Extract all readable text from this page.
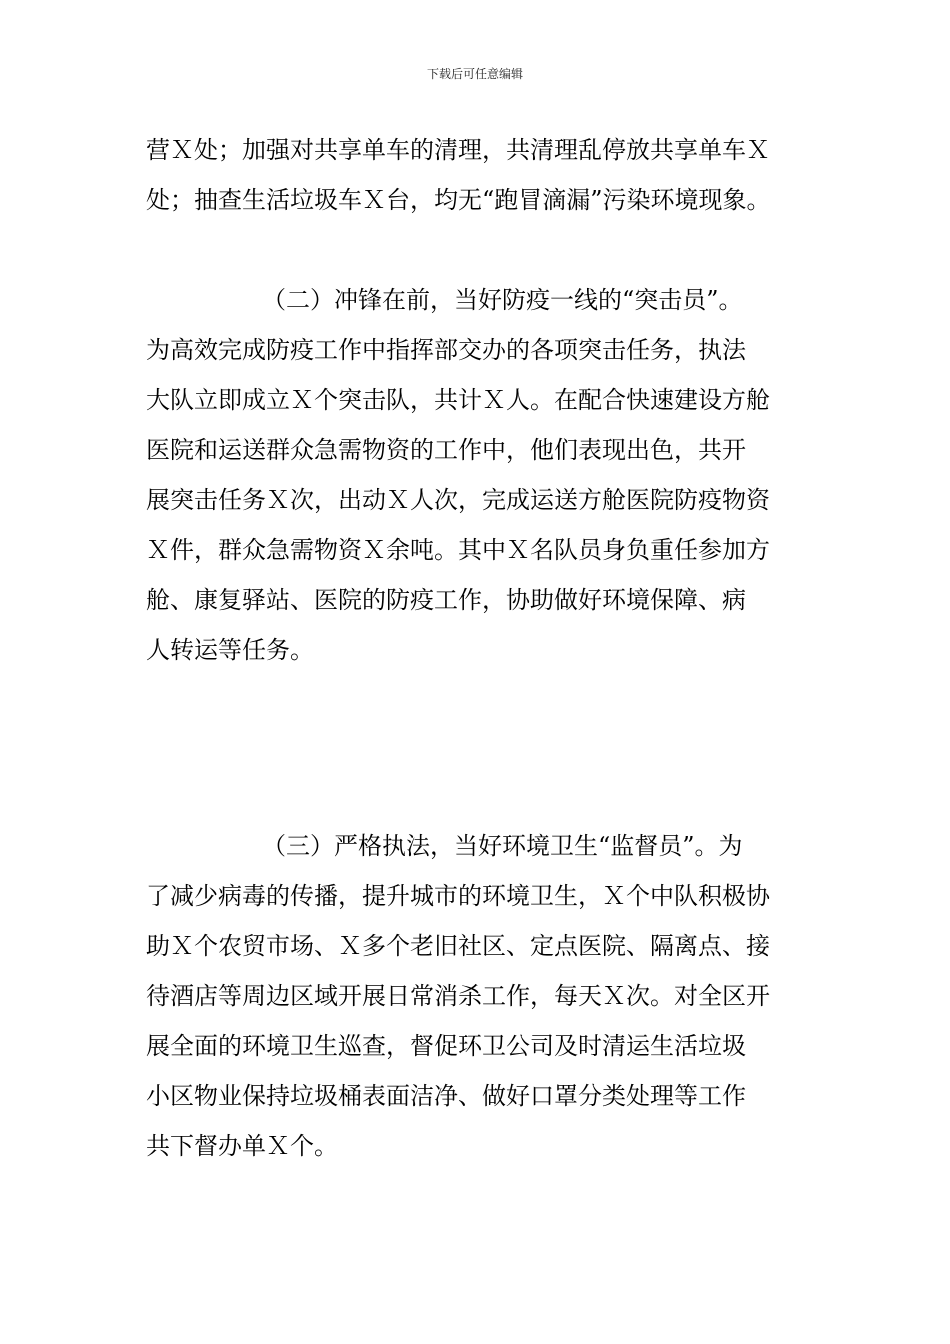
下载后可任意编辑
营Ｘ处；加强对共享单车的清理，共清理乱停放共享单车Ｘ
处；抽查生活垃圾车Ｘ台，均无“跑冒滴漏”污染环境现象。
（二）冲锋在前，当好防疫一线的“突击员”。
为高效完成防疫工作中指挥部交办的各项突击任务，执法
大队立即成立Ｘ个突击队，共计Ｘ人。在配合快速建设方舱
医院和运送群众急需物资的工作中，他们表现出色，共开
展突击任务Ｘ次，出动Ｘ人次，完成运送方舱医院防疫物资
Ｘ件，群众急需物资Ｘ余吨。其中Ｘ名队员身负重任参加方
舱、康复驿站、医院的防疫工作，协助做好环境保障、病
人转运等任务。
（三）严格执法，当好环境卫生“监督员”。为
了减少病毒的传播，提升城市的环境卫生，Ｘ个中队积极协
助Ｘ个农贸市场、Ｘ多个老旧社区、定点医院、隔离点、接
待酒店等周边区域开展日常消杀工作，每天Ｘ次。对全区开
展全面的环境卫生巡查，督促环卫公司及时清运生活垃圾
小区物业保持垃圾桶表面洁净、做好口罩分类处理等工作
共下督办单Ｘ个。
